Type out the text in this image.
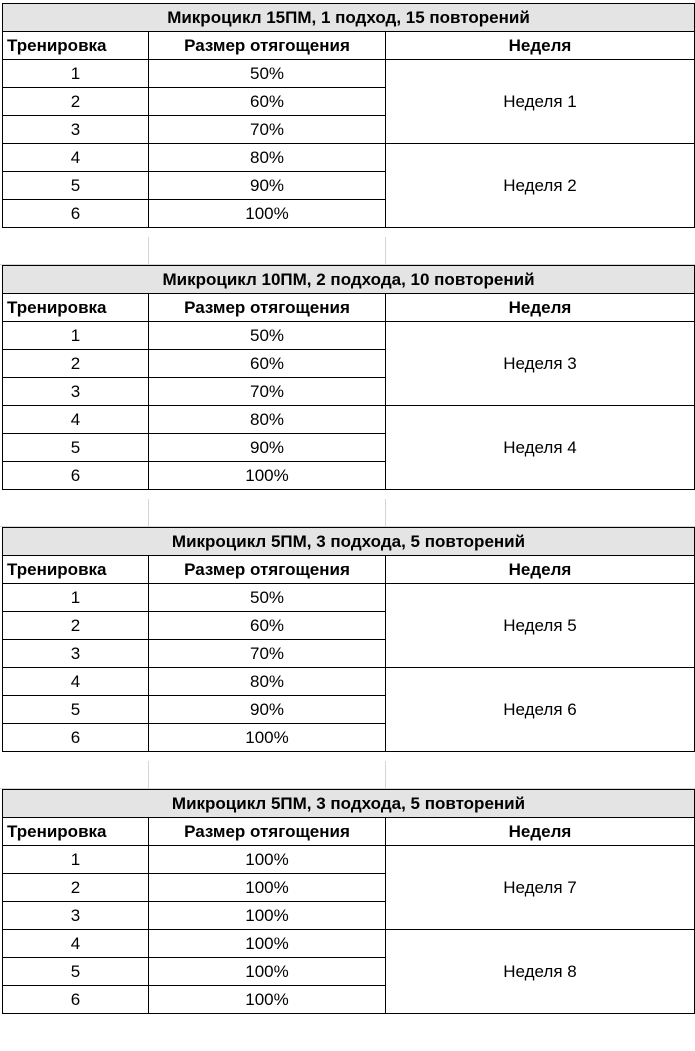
Микроцикл 15ПМ, 1 подход, 15 повторений		
Тренировка	Размер отягощения	Неделя
1	50%	Неделя 1
2	60%	
3	70%	
4	80%	Неделя 2
5	90%	
6	100%	
Микроцикл 10ПМ, 2 подхода, 10 повторений		
Тренировка	Размер отягощения	Неделя
1	50%	Неделя 3
2	60%	
3	70%	
4	80%	Неделя 4
5	90%	
6	100%	
Микроцикл 5ПМ, 3 подхода, 5 повторений		
Тренировка	Размер отягощения	Неделя
1	50%	Неделя 5
2	60%	
3	70%	
4	80%	Неделя 6
5	90%	
6	100%	
Микроцикл 5ПМ, 3 подхода, 5 повторений		
Тренировка	Размер отягощения	Неделя
1	100%	Неделя 7
2	100%	
3	100%	
4	100%	Неделя 8
5	100%	
6	100%	
